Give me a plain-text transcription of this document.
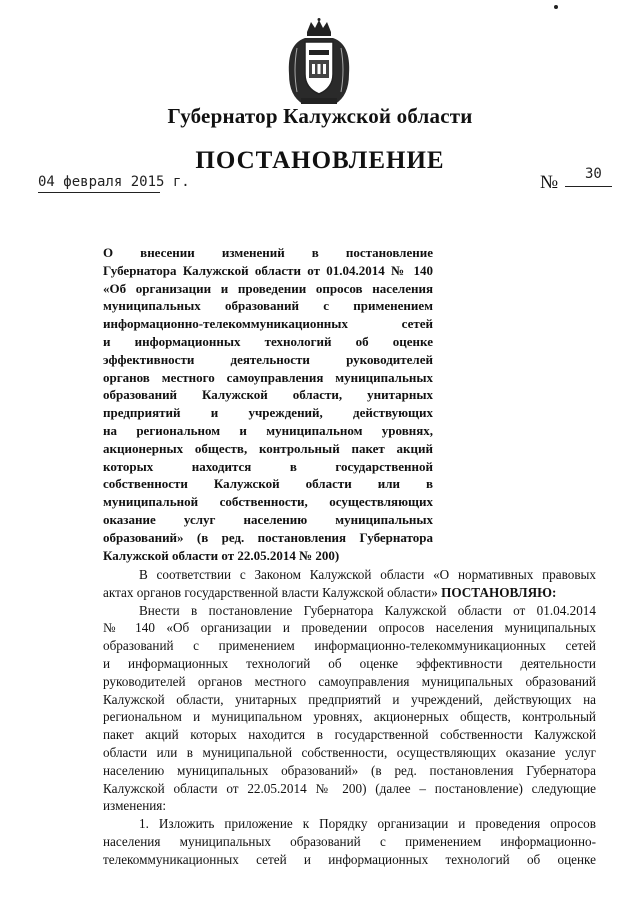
Губернатор Калужской области
ПОСТАНОВЛЕНИЕ
04 февраля 2015 г.	№ 30
О внесении изменений в постановление
Губернатора Калужской области от 01.04.2014 № 140
«Об организации и проведении опросов населения
муниципальных образований с применением
информационно-телекоммуникационных сетей
и информационных технологий об оценке
эффективности деятельности руководителей
органов местного самоуправления муниципальных
образований Калужской области, унитарных
предприятий и учреждений, действующих
на региональном и муниципальном уровнях,
акционерных обществ, контрольный пакет акций
которых находится в государственной
собственности Калужской области или в
муниципальной собственности, осуществляющих
оказание услуг населению муниципальных
образований» (в ред. постановления Губернатора
Калужской области от 22.05.2014 № 200)
В соответствии с Законом Калужской области «О нормативных правовых
актах органов государственной власти Калужской области» ПОСТАНОВЛЯЮ:
Внести в постановление Губернатора Калужской области от 01.04.2014
№ 140 «Об организации и проведении опросов населения муниципальных
образований с применением информационно-телекоммуникационных сетей
и информационных технологий об оценке эффективности деятельности
руководителей органов местного самоуправления муниципальных образований
Калужской области, унитарных предприятий и учреждений, действующих на
региональном и муниципальном уровнях, акционерных обществ, контрольный
пакет акций которых находится в государственной собственности Калужской
области или в муниципальной собственности, осуществляющих оказание услуг
населению муниципальных образований» (в ред. постановления Губернатора
Калужской области от 22.05.2014 № 200) (далее – постановление) следующие
изменения:
1. Изложить приложение к Порядку организации и проведения опросов
населения муниципальных образований с применением информационно-
телекоммуникационных сетей и информационных технологий об оценке
